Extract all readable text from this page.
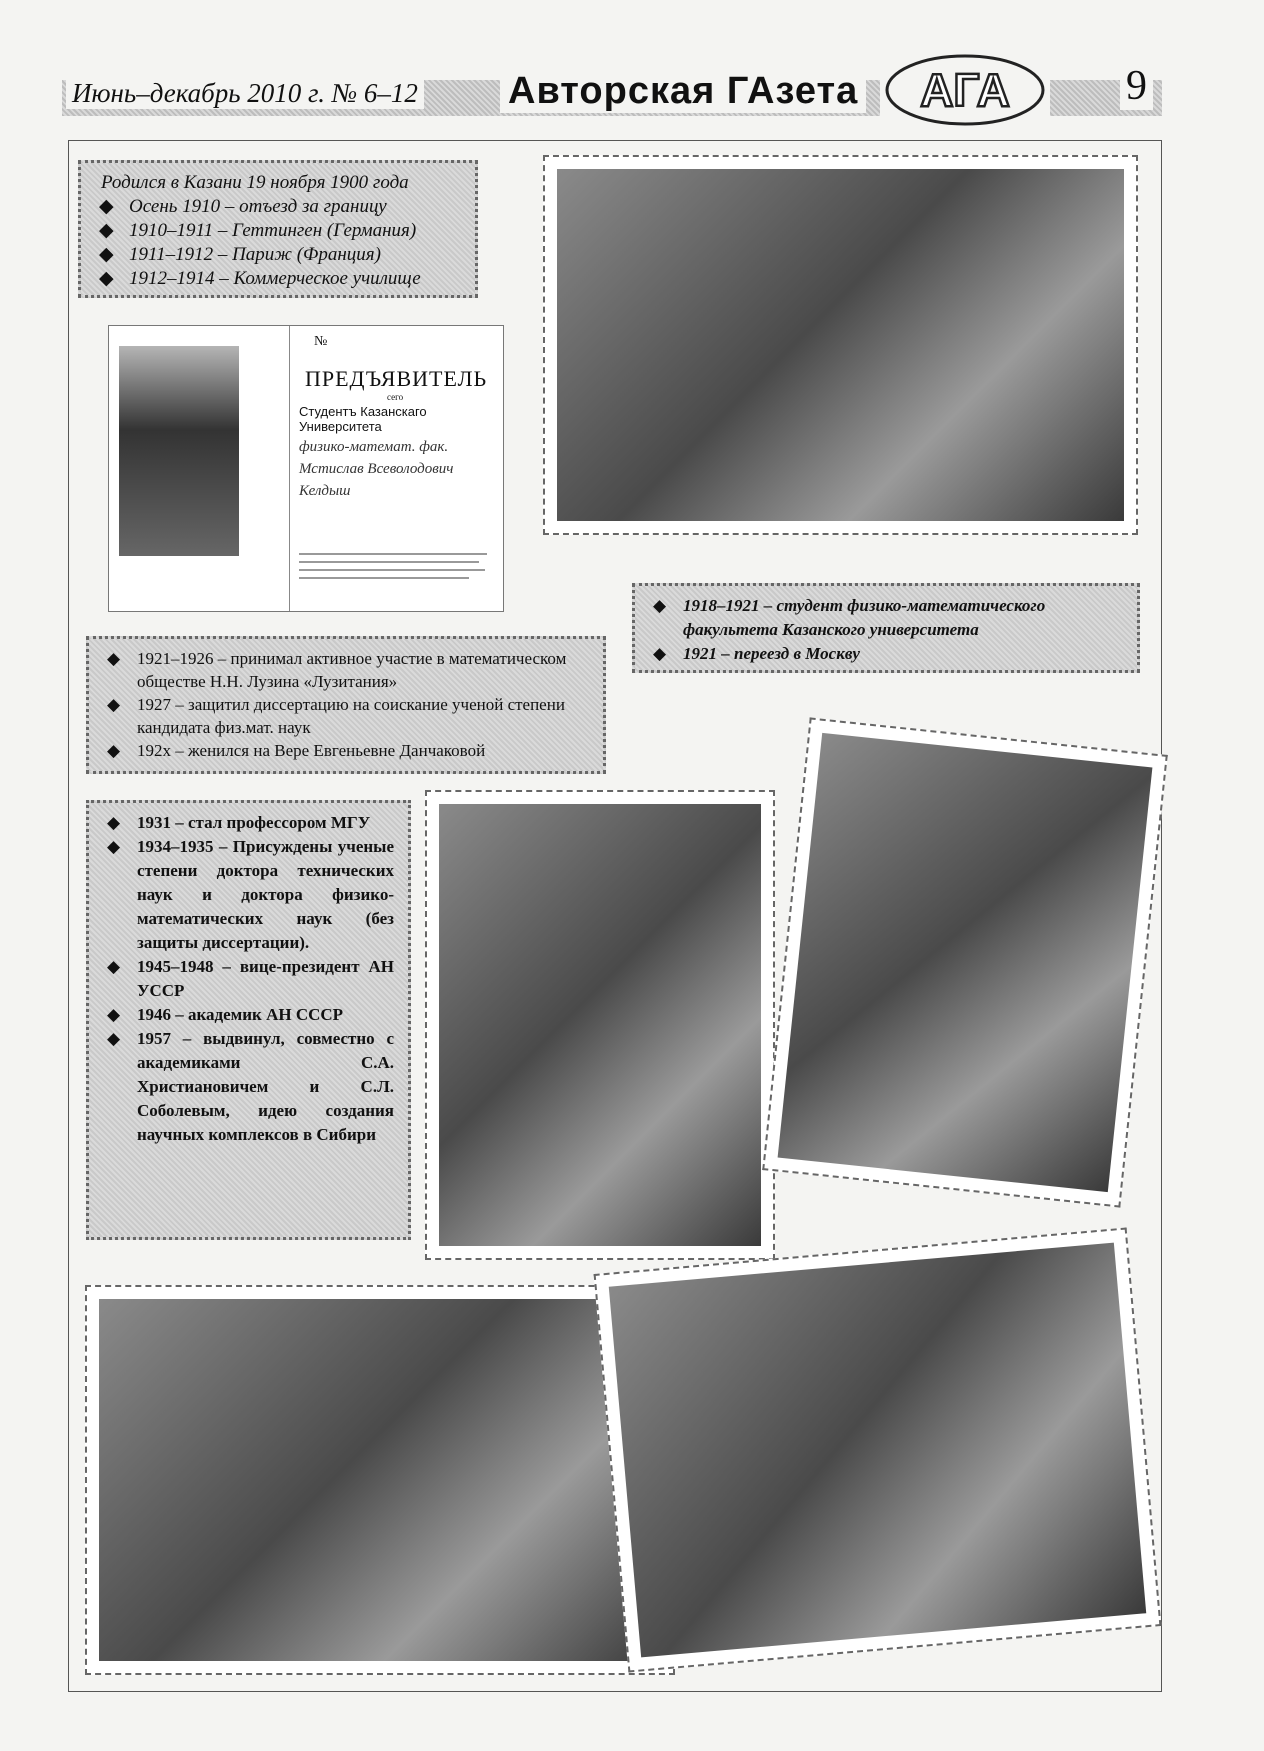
Июнь–декабрь 2010 г. № 6–12 Авторская ГАзета АГА	9
Родился в Казани 19 ноября 1900 года
◆ Осень 1910 – отъезд за границу
◆ 1910–1911 – Геттинген (Германия)
◆ 1911–1912 – Париж (Франция)
◆ 1912–1914 – Коммерческое училище
№
ПРЕДЪЯВИТЕЛЬ
сего
Студентъ Казанскаго Университета
физико-математ. фак.
Мстислав Всеволодович
Келдыш
◆ 1918–1921 – студент физико-математического факультета Казанского университета
◆ 1921 – переезд в Москву
◆ 1921–1926 – принимал активное участие в математическом обществе Н.Н. Лузина «Лузитания»
◆ 1927 – защитил диссертацию на соискание ученой степени кандидата физ.мат. наук
◆ 192х – женился на Вере Евгеньевне Данчаковой
◆ 1931 – стал профессором МГУ
◆ 1934–1935 – Присуждены ученые степени доктора технических наук и доктора физико-математических наук (без защиты диссертации).
◆ 1945–1948 – вице-президент АН УССР
◆ 1946 – академик АН СССР
◆ 1957 – выдвинул, совместно с академиками С.А. Христиановичем и С.Л. Соболевым, идею создания научных комплексов в Сибири
